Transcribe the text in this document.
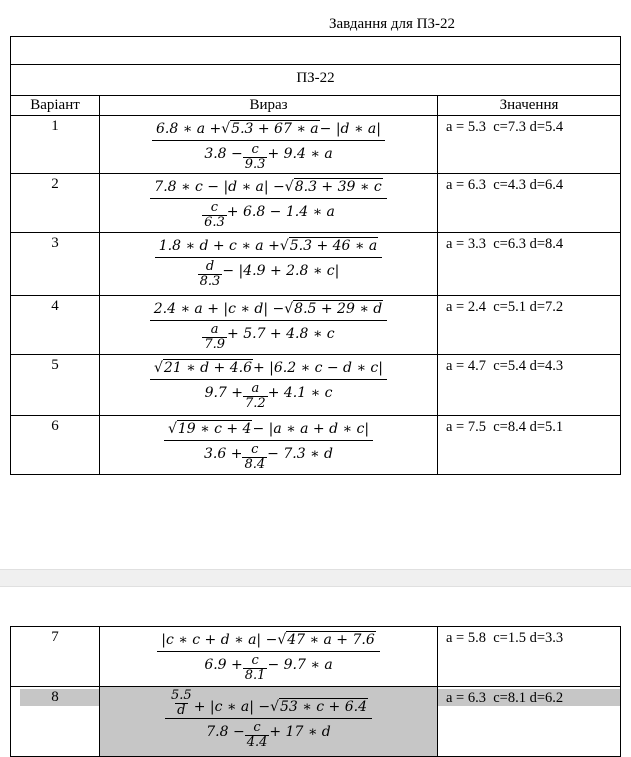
Завдання для ПЗ-22
ПЗ-22
Варіант	Вираз	Значення
1	$\frac{6.8 ∗ a + √5.3 + 67 ∗ a - |d ∗ a|}{3.8 - \frac{c}{9.3} + 9.4 ∗ a}$ a = 5.3  c=7.3 d=5.4
2	$\frac{7.8 ∗ c - |d ∗ a| - √8.3 + 39 ∗ c}{\frac{c}{6.3} + 6.8 - 1.4 ∗ a}$ a = 6.3  c=4.3 d=6.4
3	$\frac{1.8 ∗ d + c ∗ a + √5.3 + 46 ∗ a}{\frac{d}{8.3} - |4.9 + 2.8 ∗ c|}$ a = 3.3  c=6.3 d=8.4
4	$\frac{2.4 ∗ a + |c ∗ d| - √8.5 + 29 ∗ d}{\frac{a}{7.9} + 5.7 + 4.8 ∗ c}$ a = 2.4  c=5.1 d=7.2
5	$\frac{√21 ∗ d + 4.6 + |6.2 ∗ c - d ∗ c|}{9.7 + \frac{a}{7.2} + 4.1 ∗ c}$ a = 4.7  c=5.4 d=4.3
6	$\frac{√19 ∗ c + 4 - |a ∗ a + d ∗ c|}{3.6 + \frac{c}{8.4} - 7.3 ∗ d}$ a = 7.5  c=8.4 d=5.1
7	$\frac{|c ∗ c + d ∗ a| - √47 ∗ a + 7.6}{6.9 + \frac{c}{8.1} - 9.7 ∗ a}$ a = 5.8  c=1.5 d=3.3
8	$\frac{\frac{5.5}{d} + |c ∗ a| - √53 ∗ c + 6.4}{7.8 - \frac{c}{4.4} + 17 ∗ d}$ a = 6.3  c=8.1 d=6.2
